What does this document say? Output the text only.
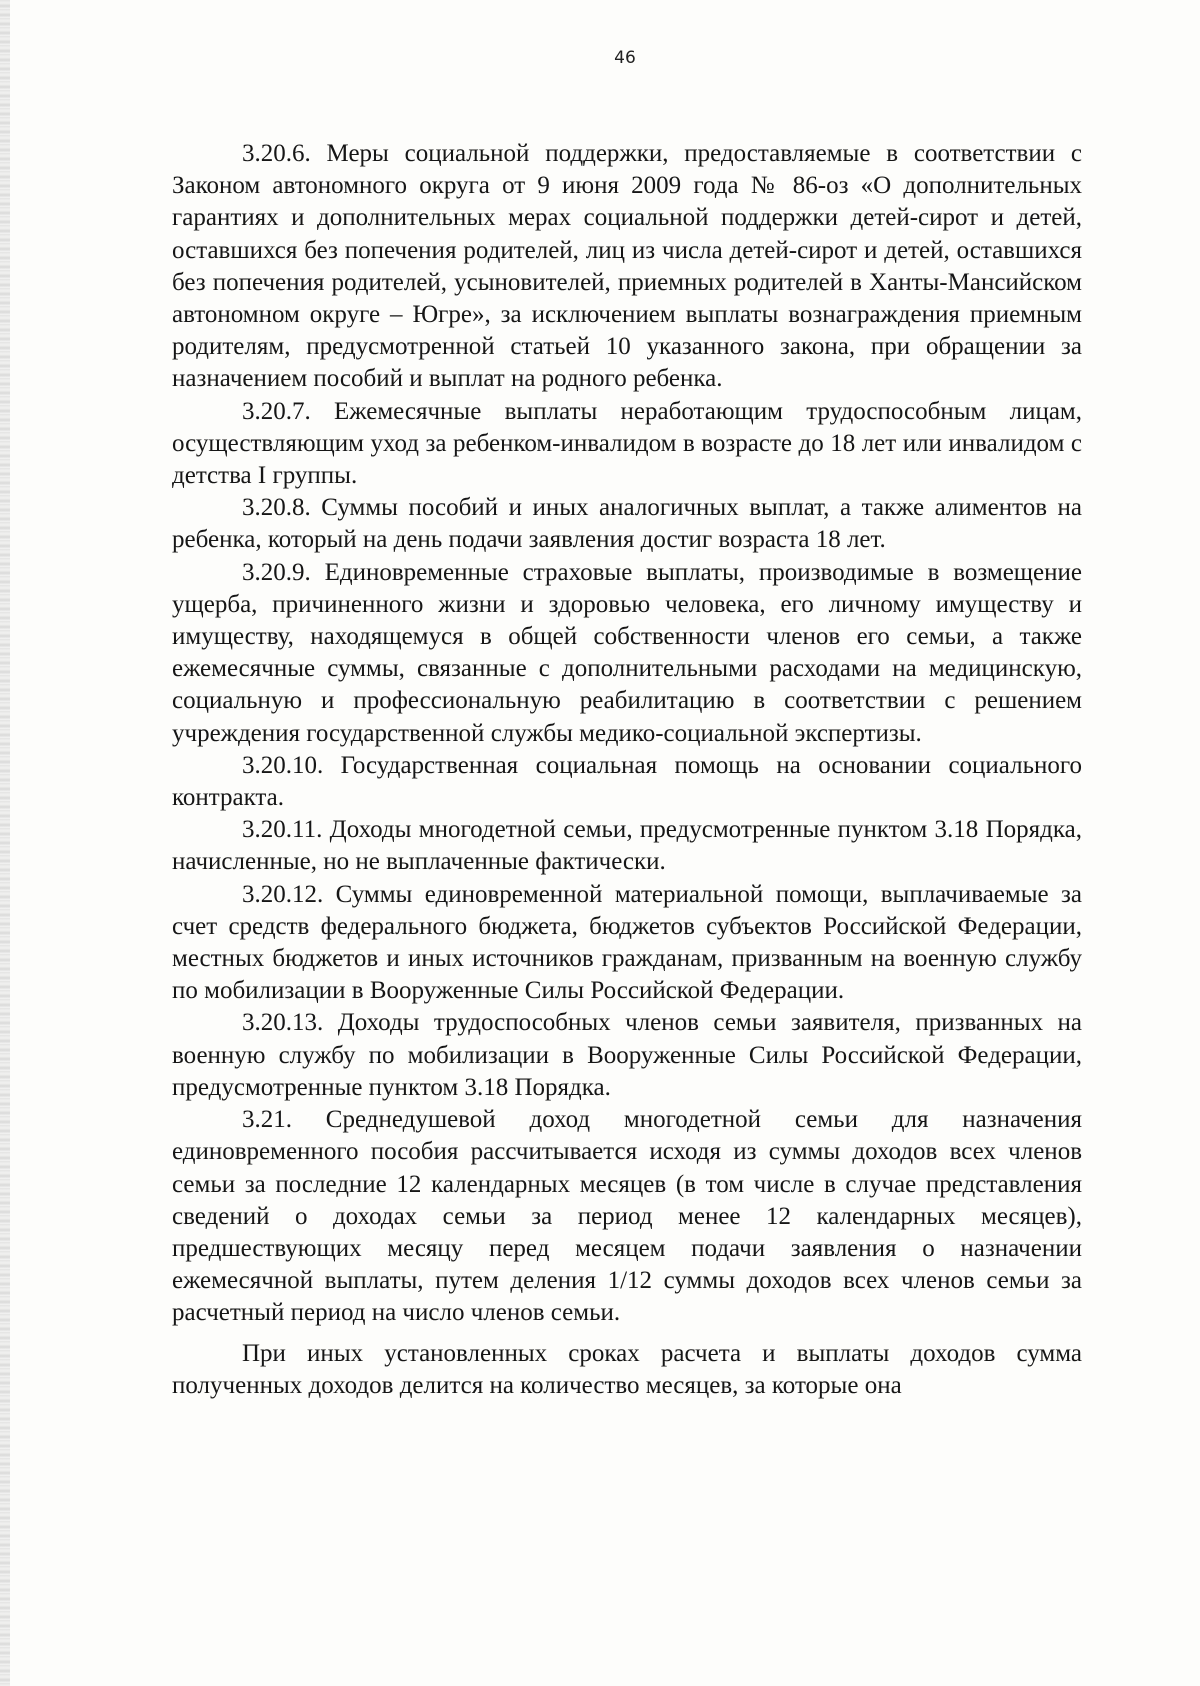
46

3.20.6. Меры социальной поддержки, предоставляемые в соответствии с Законом автономного округа от 9 июня 2009 года № 86-оз «О дополнительных гарантиях и дополнительных мерах социальной поддержки детей-сирот и детей, оставшихся без попечения родителей, лиц из числа детей-сирот и детей, оставшихся без попечения родителей, усыновителей, приемных родителей в Ханты-Мансийском автономном округе – Югре», за исключением выплаты вознаграждения приемным родителям, предусмотренной статьей 10 указанного закона, при обращении за назначением пособий и выплат на родного ребенка.

3.20.7. Ежемесячные выплаты неработающим трудоспособным лицам, осуществляющим уход за ребенком-инвалидом в возрасте до 18 лет или инвалидом с детства I группы.

3.20.8. Суммы пособий и иных аналогичных выплат, а также алиментов на ребенка, который на день подачи заявления достиг возраста 18 лет.

3.20.9. Единовременные страховые выплаты, производимые в возмещение ущерба, причиненного жизни и здоровью человека, его личному имуществу и имуществу, находящемуся в общей собственности членов его семьи, а также ежемесячные суммы, связанные с дополнительными расходами на медицинскую, социальную и профессиональную реабилитацию в соответствии с решением учреждения государственной службы медико-социальной экспертизы.

3.20.10. Государственная социальная помощь на основании социального контракта.

3.20.11. Доходы многодетной семьи, предусмотренные пунктом 3.18 Порядка, начисленные, но не выплаченные фактически.

3.20.12. Суммы единовременной материальной помощи, выплачиваемые за счет средств федерального бюджета, бюджетов субъектов Российской Федерации, местных бюджетов и иных источников гражданам, призванным на военную службу по мобилизации в Вооруженные Силы Российской Федерации.

3.20.13. Доходы трудоспособных членов семьи заявителя, призванных на военную службу по мобилизации в Вооруженные Силы Российской Федерации, предусмотренные пунктом 3.18 Порядка.

3.21. Среднедушевой доход многодетной семьи для назначения единовременного пособия рассчитывается исходя из суммы доходов всех членов семьи за последние 12 календарных месяцев (в том числе в случае представления сведений о доходах семьи за период менее 12 календарных месяцев), предшествующих месяцу перед месяцем подачи заявления о назначении ежемесячной выплаты, путем деления 1/12 суммы доходов всех членов семьи за расчетный период на число членов семьи.

При иных установленных сроках расчета и выплаты доходов сумма полученных доходов делится на количество месяцев, за которые она
